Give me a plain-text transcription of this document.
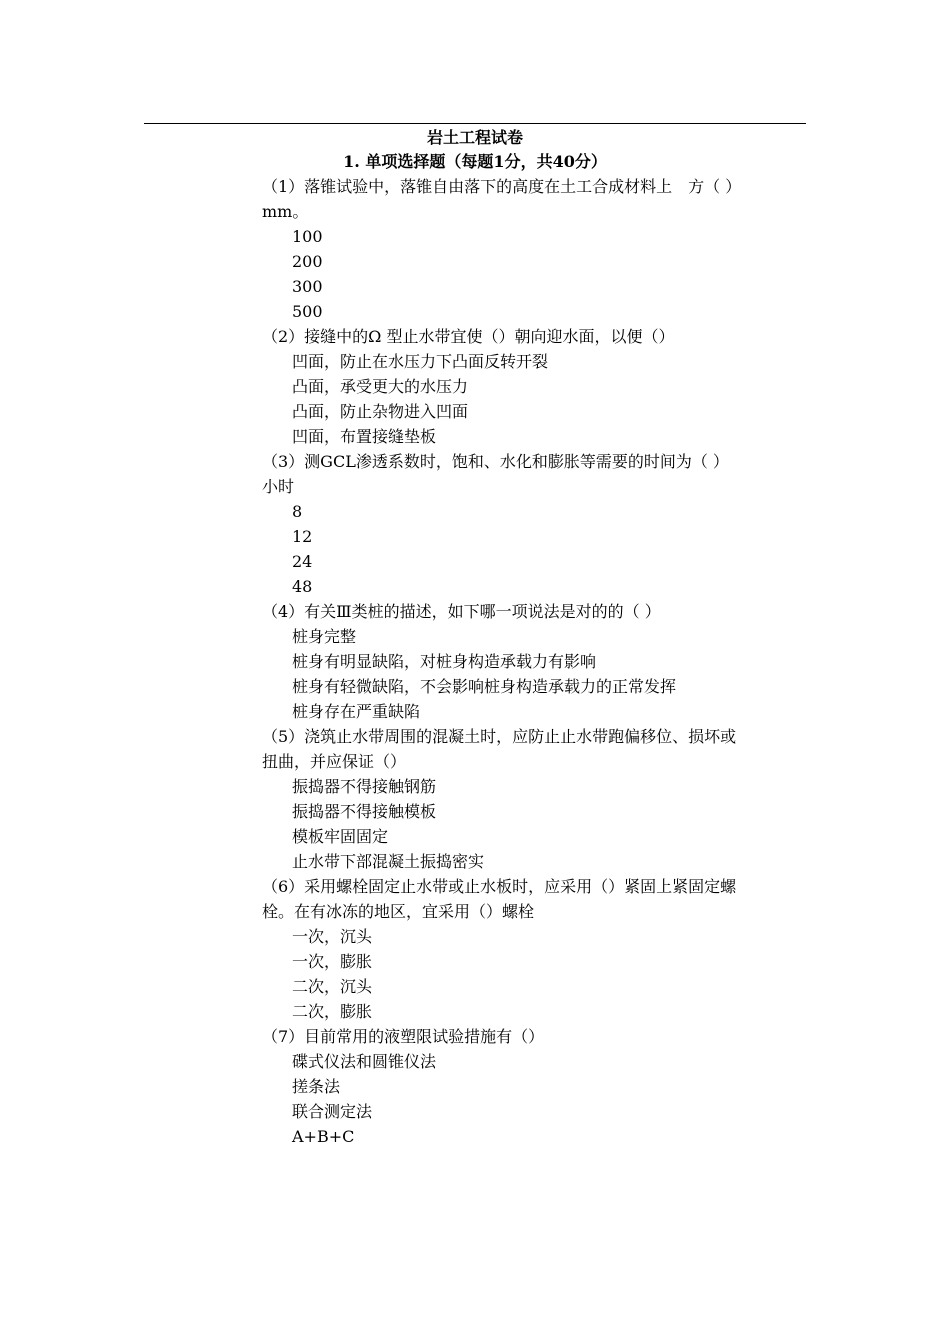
岩土工程试卷
1. 单项选择题（每题1分，共40分）

（1）落锥试验中，落锥自由落下的高度在土工合成材料上　方（ ）mm。

100

200

300

500

（2）接缝中的Ω 型止水带宜使（）朝向迎水面，以便（）

凹面，防止在水压力下凸面反转开裂

凸面，承受更大的水压力

凸面，防止杂物进入凹面

凹面，布置接缝垫板

（3）测GCL渗透系数时，饱和、水化和膨胀等需要的时间为（ ）小时

8

12

24

48

（4）有关Ⅲ类桩的描述，如下哪一项说法是对的的（ ）

桩身完整

桩身有明显缺陷，对桩身构造承载力有影响

桩身有轻微缺陷，不会影响桩身构造承载力的正常发挥

桩身存在严重缺陷

（5）浇筑止水带周围的混凝土时，应防止止水带跑偏移位、损坏或扭曲，并应保证（）

振捣器不得接触钢筋

振捣器不得接触模板

模板牢固固定

止水带下部混凝土振捣密实

（6）采用螺栓固定止水带或止水板时，应采用（）紧固上紧固定螺栓。在有冰冻的地区，宜采用（）螺栓

一次，沉头

一次，膨胀

二次，沉头

二次，膨胀

（7）目前常用的液塑限试验措施有（）

碟式仪法和圆锥仪法

搓条法

联合测定法

A+B+C
